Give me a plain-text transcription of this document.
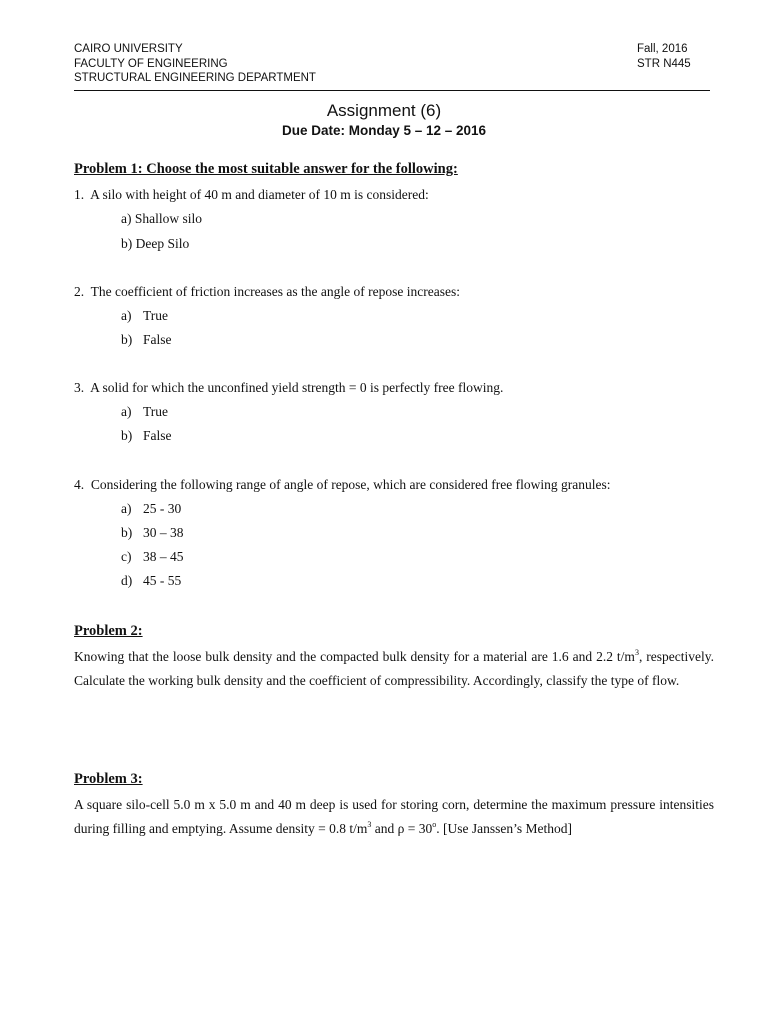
CAIRO UNIVERSITY
FACULTY OF ENGINEERING
STRUCTURAL ENGINEERING DEPARTMENT
Fall, 2016
STR N445
Assignment (6)
Due Date: Monday 5 – 12 – 2016
Problem 1: Choose the most suitable answer for the following:
1. A silo with height of 40 m and diameter of 10 m is considered:
a) Shallow silo
b) Deep Silo
2. The coefficient of friction increases as the angle of repose increases:
a) True
b) False
3. A solid for which the unconfined yield strength = 0 is perfectly free flowing.
a) True
b) False
4. Considering the following range of angle of repose, which are considered free flowing granules:
a) 25 - 30
b) 30 – 38
c) 38 – 45
d) 45 - 55
Problem 2:
Knowing that the loose bulk density and the compacted bulk density for a material are 1.6 and 2.2 $t/m^3$, respectively. Calculate the working bulk density and the coefficient of compressibility. Accordingly, classify the type of flow.
Problem 3:
A square silo-cell 5.0 m x 5.0 m and 40 m deep is used for storing corn, determine the maximum pressure intensities during filling and emptying. Assume density = 0.8 $t/m^3$ and $\rho = 30^o$. [Use Janssen’s Method]
